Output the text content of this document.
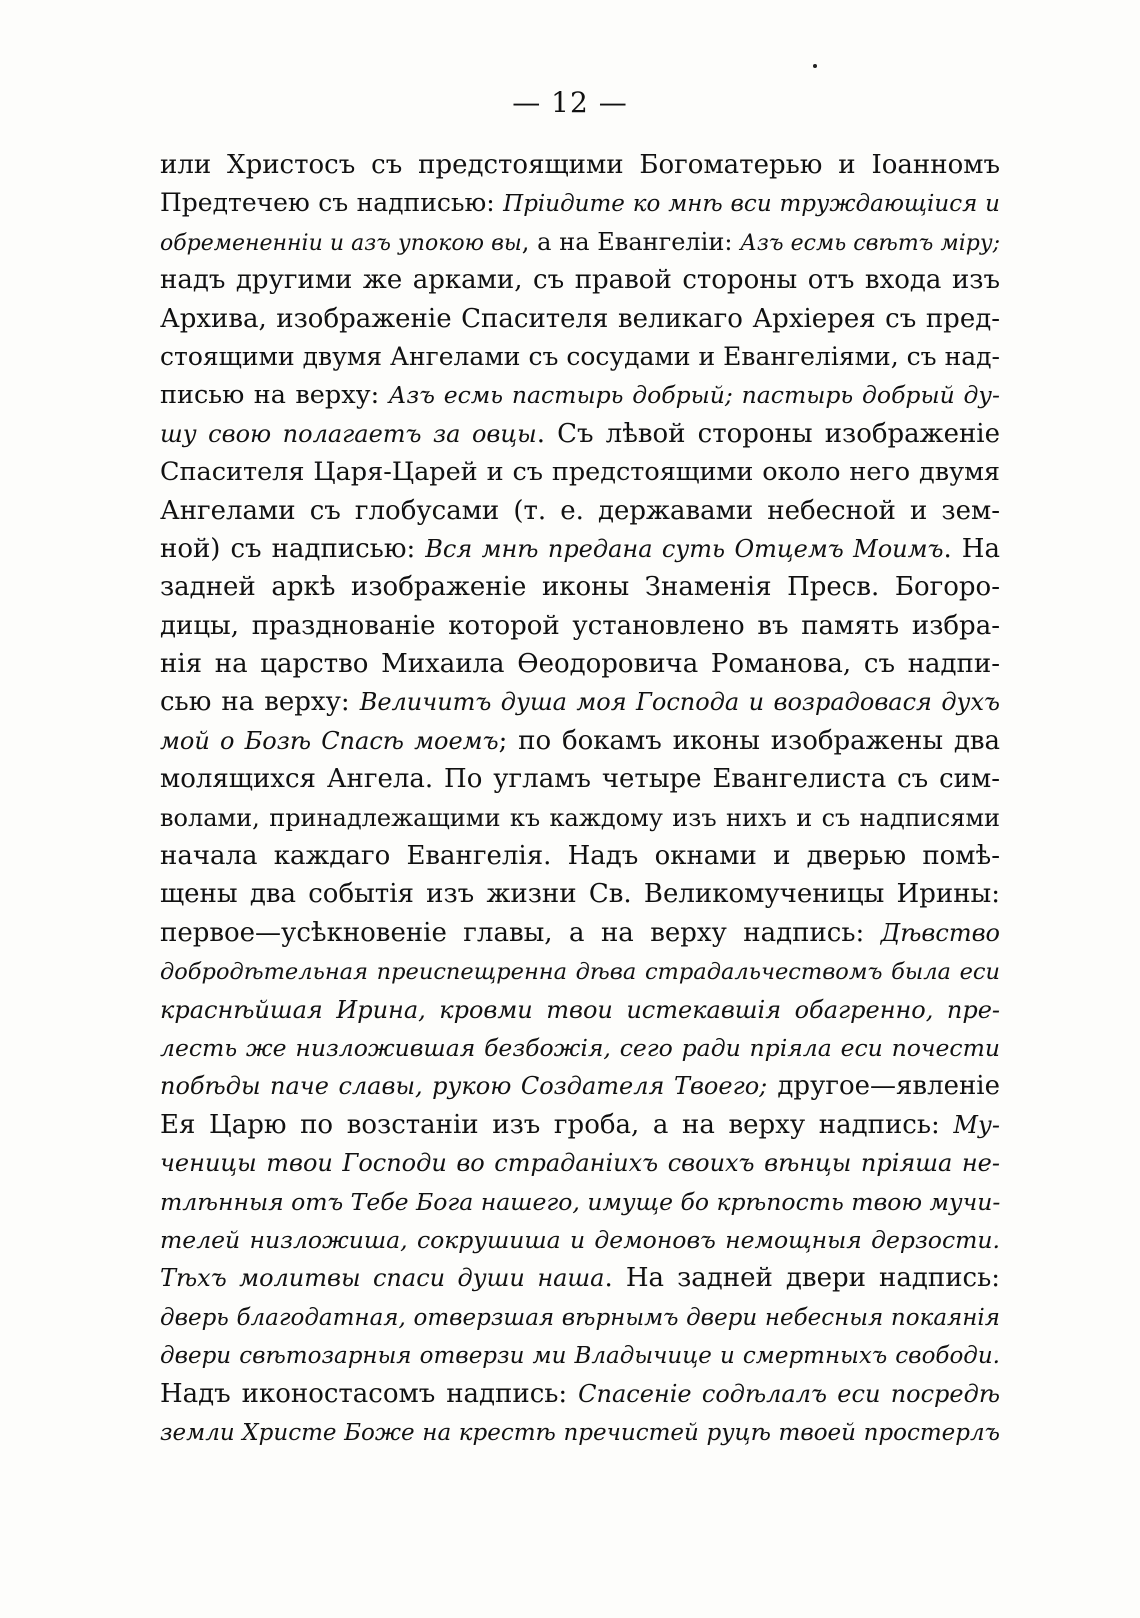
— 12 —
или Христосъ съ предстоящими Богоматерью и Іоанномъ
Предтечею съ надписью: Пріидите ко мнѣ вси труждающіися и
обремененніи и азъ упокою вы, а на Евангеліи: Азъ есмь свѣтъ міру;
надъ другими же арками, съ правой стороны отъ входа изъ
Архива, изображеніе Спасителя великаго Архіерея съ пред-
стоящими двумя Ангелами съ сосудами и Евангеліями, съ над-
писью на верху: Азъ есмь пастырь добрый; пастырь добрый ду-
шу свою полагаетъ за овцы. Съ лѣвой стороны изображеніе
Спасителя Царя-Царей и съ предстоящими около него двумя
Ангелами съ глобусами (т. е. державами небесной и зем-
ной) съ надписью: Вся мнѣ предана суть Отцемъ Моимъ. На
задней аркѣ изображеніе иконы Знаменія Пресв. Богоро-
дицы, празднованіе которой установлено въ память избра-
нія на царство Михаила Ѳеодоровича Романова, съ надпи-
сью на верху: Величитъ душа моя Господа и возрадовася духъ
мой о Бозѣ Спасѣ моемъ; по бокамъ иконы изображены два
молящихся Ангела. По угламъ четыре Евангелиста съ сим-
волами, принадлежащими къ каждому изъ нихъ и съ надписями
начала каждаго Евангелія. Надъ окнами и дверью помѣ-
щены два событія изъ жизни Св. Великомученицы Ирины:
первое—усѣкновеніе главы, а на верху надпись: Дѣвство
добродѣтельная преиспещренна дѣва страдальчествомъ была еси
краснѣйшая Ирина, кровми твои истекавшія обагренно, пре-
лесть же низложившая безбожія, сего ради пріяла еси почести
побѣды паче славы, рукою Создателя Твоего; другое—явленіе
Ея Царю по возстаніи изъ гроба, а на верху надпись: Му-
ченицы твои Господи во страданіихъ своихъ вѣнцы пріяша не-
тлѣнныя отъ Тебе Бога нашего, имуще бо крѣпость твою мучи-
телей низложиша, сокрушиша и демоновъ немощныя дерзости.
Тѣхъ молитвы спаси души наша. На задней двери надпись:
дверь благодатная, отверзшая вѣрнымъ двери небесныя покаянія
двери свѣтозарныя отверзи ми Владычице и смертныхъ свободи.
Надъ иконостасомъ надпись: Спасеніе содѣлалъ еси посредѣ
земли Христе Боже на крестѣ пречистей руцѣ твоей простерлъ
